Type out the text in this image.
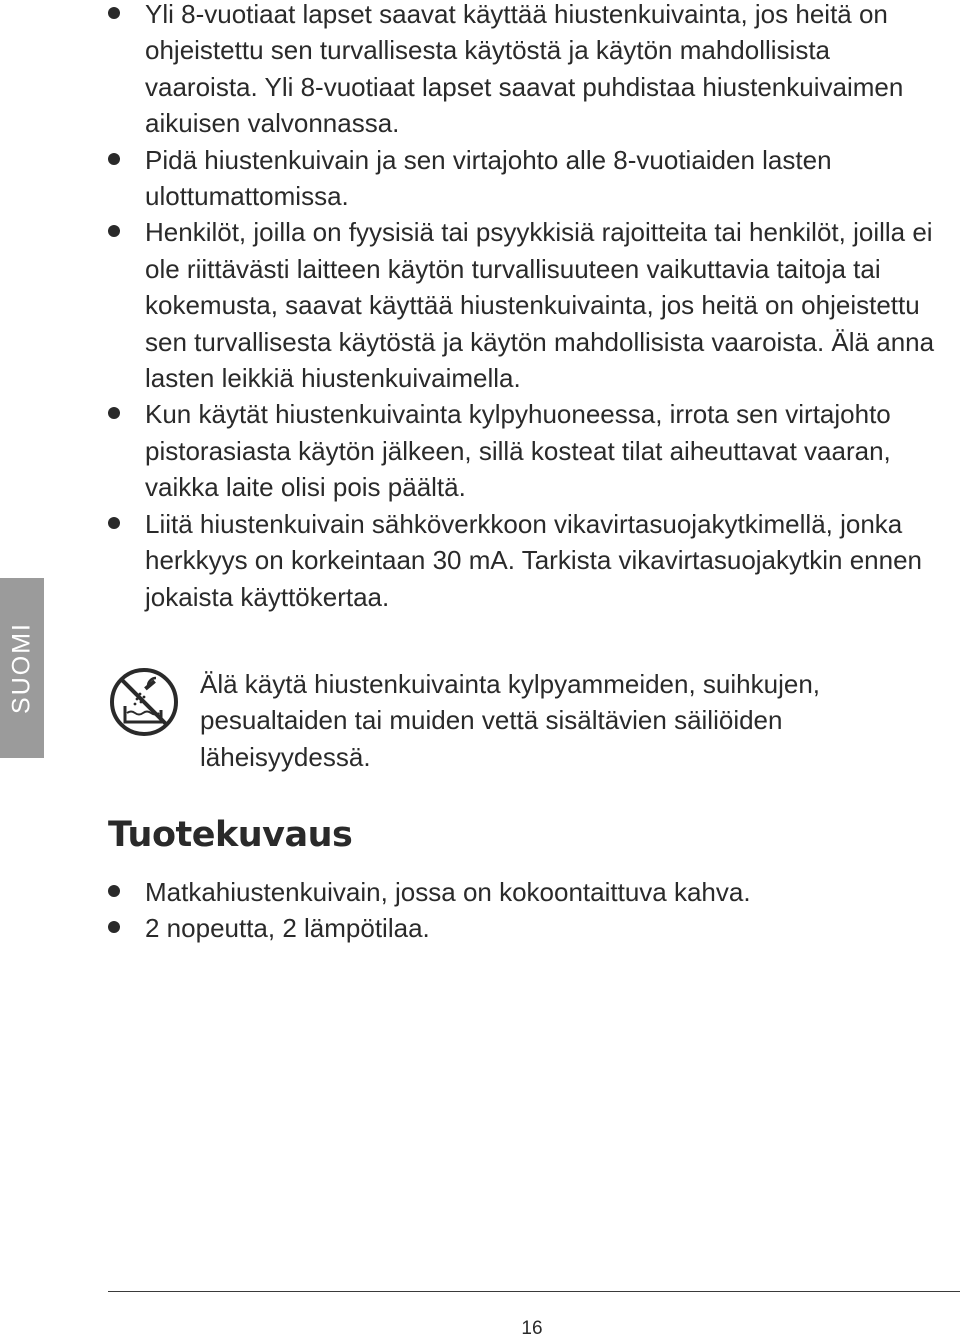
SUOMI
Yli 8-vuotiaat lapset saavat käyttää hiustenkuivainta, jos heitä on ohjeistettu sen turvallisesta käytöstä ja käytön mahdollisista vaaroista. Yli 8-vuotiaat lapset saavat puhdistaa hiustenkuivaimen aikuisen valvonnassa.
Pidä hiustenkuivain ja sen virtajohto alle 8-vuotiaiden lasten ulottumattomissa.
Henkilöt, joilla on fyysisiä tai psyykkisiä rajoitteita tai henkilöt, joilla ei ole riittävästi laitteen käytön turvallisuuteen vaikuttavia taitoja tai kokemusta, saavat käyttää hiustenkuivainta, jos heitä on ohjeistettu sen turvallisesta käytöstä ja käytön mahdollisista vaaroista. Älä anna lasten leikkiä hiustenkuivaimella.
Kun käytät hiustenkuivainta kylpyhuoneessa, irrota sen virtajohto pistorasiasta käytön jälkeen, sillä kosteat tilat aiheuttavat vaaran, vaikka laite olisi pois päältä.
Liitä hiustenkuivain sähköverkkoon vikavirtasuojakytkimellä, jonka herkkyys on korkeintaan 30 mA. Tarkista vikavirtasuojakytkin ennen jokaista käyttökertaa.
Älä käytä hiustenkuivainta kylpyammeiden, suihkujen, pesualtaiden tai muiden vettä sisältävien säiliöiden läheisyydessä.
Tuotekuvaus
Matkahiustenkuivain, jossa on kokoontaittuva kahva.
2 nopeutta, 2 lämpötilaa.
16
